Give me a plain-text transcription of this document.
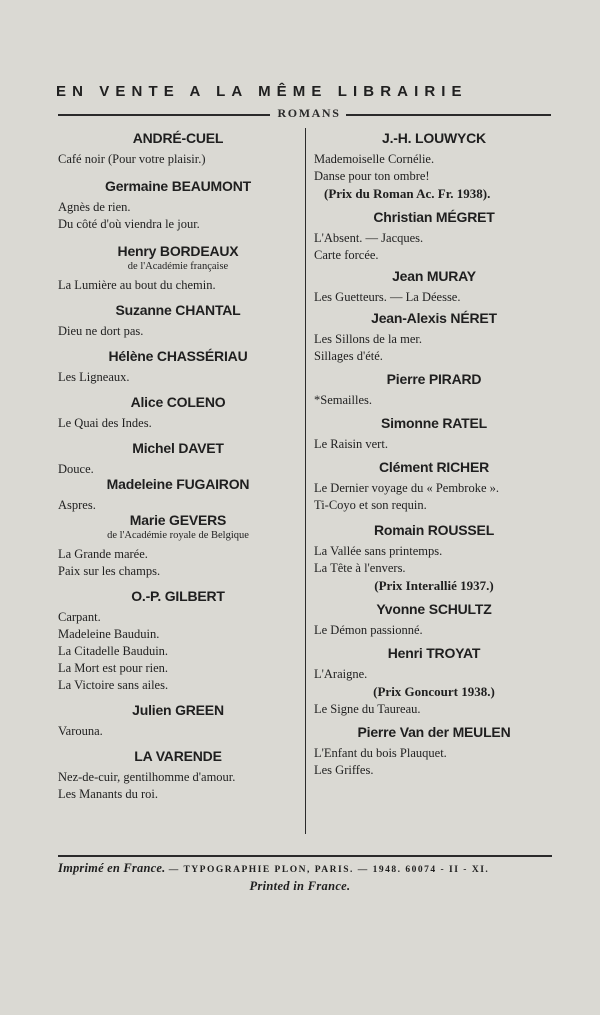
EN VENTE A LA MÊME LIBRAIRIE
ROMANS
ANDRÉ-CUEL
Café noir (Pour votre plaisir.)
Germaine BEAUMONT
Agnès de rien.
Du côté d'où viendra le jour.
Henry BORDEAUX
de l'Académie française
La Lumière au bout du chemin.
Suzanne CHANTAL
Dieu ne dort pas.
Hélène CHASSÉRIAU
Les Ligneaux.
Alice COLENO
Le Quai des Indes.
Michel DAVET
Douce.
Madeleine FUGAIRON
Aspres.
Marie GEVERS
de l'Académie royale de Belgique
La Grande marée.
Paix sur les champs.
O.-P. GILBERT
Carpant.
Madeleine Bauduin.
La Citadelle Bauduin.
La Mort est pour rien.
La Victoire sans ailes.
Julien GREEN
Varouna.
LA VARENDE
Nez-de-cuir, gentilhomme d'amour.
Les Manants du roi.
J.-H. LOUWYCK
Mademoiselle Cornélie.
Danse pour ton ombre!
(Prix du Roman Ac. Fr. 1938).
Christian MÉGRET
L'Absent. — Jacques.
Carte forcée.
Jean MURAY
Les Guetteurs. — La Déesse.
Jean-Alexis NÉRET
Les Sillons de la mer.
Sillages d'été.
Pierre PIRARD
*Semailles.
Simonne RATEL
Le Raisin vert.
Clément RICHER
Le Dernier voyage du « Pembroke ».
Ti-Coyo et son requin.
Romain ROUSSEL
La Vallée sans printemps.
La Tête à l'envers.
(Prix Interallié 1937.)
Yvonne SCHULTZ
Le Démon passionné.
Henri TROYAT
L'Araigne.
(Prix Goncourt 1938.)
Le Signe du Taureau.
Pierre Van der MEULEN
L'Enfant du bois Plauquet.
Les Griffes.
Imprimé en France. — TYPOGRAPHIE PLON, PARIS. — 1948. 60074 - II - XI.
Printed in France.
